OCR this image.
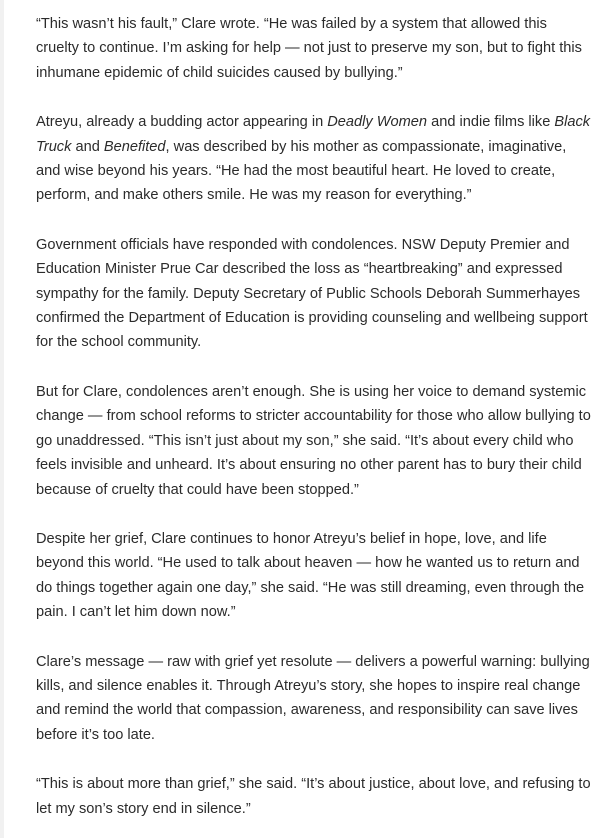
“This wasn’t his fault,” Clare wrote. “He was failed by a system that allowed this cruelty to continue. I’m asking for help — not just to preserve my son, but to fight this inhumane epidemic of child suicides caused by bullying.”

Atreyu, already a budding actor appearing in Deadly Women and indie films like Black Truck and Benefited, was described by his mother as compassionate, imaginative, and wise beyond his years. “He had the most beautiful heart. He loved to create, perform, and make others smile. He was my reason for everything.”

Government officials have responded with condolences. NSW Deputy Premier and Education Minister Prue Car described the loss as “heartbreaking” and expressed sympathy for the family. Deputy Secretary of Public Schools Deborah Summerhayes confirmed the Department of Education is providing counseling and wellbeing support for the school community.

But for Clare, condolences aren’t enough. She is using her voice to demand systemic change — from school reforms to stricter accountability for those who allow bullying to go unaddressed. “This isn’t just about my son,” she said. “It’s about every child who feels invisible and unheard. It’s about ensuring no other parent has to bury their child because of cruelty that could have been stopped.”

Despite her grief, Clare continues to honor Atreyu’s belief in hope, love, and life beyond this world. “He used to talk about heaven — how he wanted us to return and do things together again one day,” she said. “He was still dreaming, even through the pain. I can’t let him down now.”

Clare’s message — raw with grief yet resolute — delivers a powerful warning: bullying kills, and silence enables it. Through Atreyu’s story, she hopes to inspire real change and remind the world that compassion, awareness, and responsibility can save lives before it’s too late.

“This is about more than grief,” she said. “It’s about justice, about love, and refusing to let my son’s story end in silence.”
